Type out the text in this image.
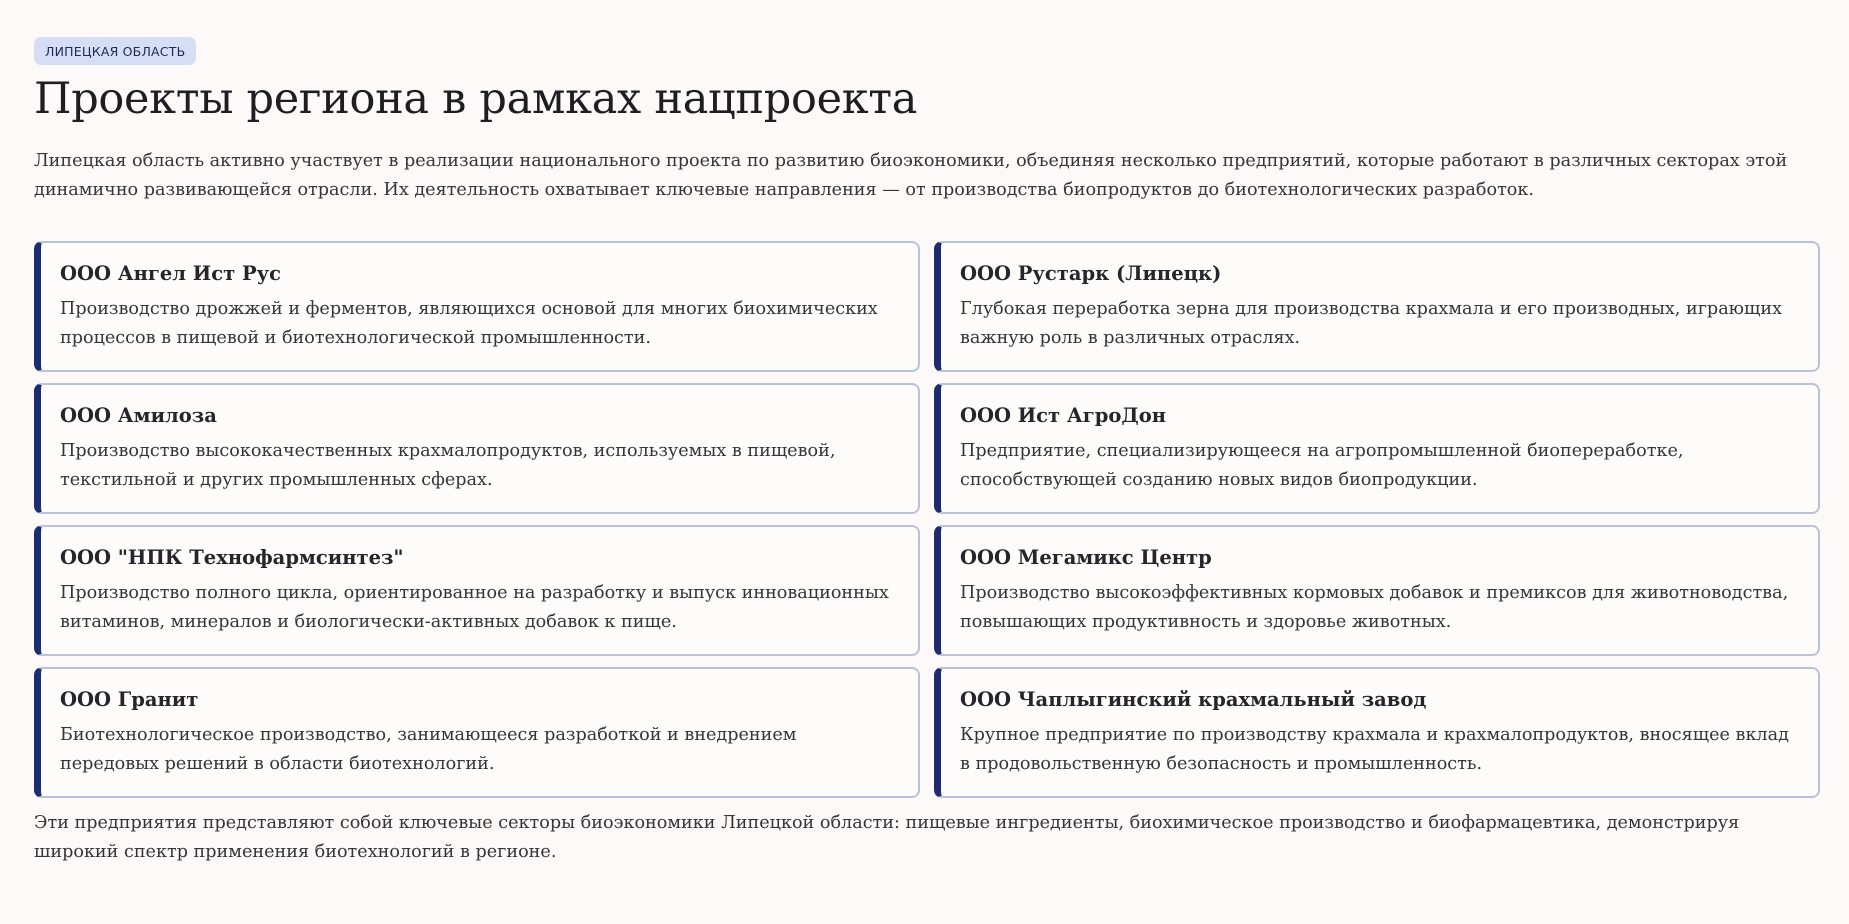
ЛИПЕЦКАЯ ОБЛАСТЬ
Проекты региона в рамках нацпроекта

Липецкая область активно участвует в реализации национального проекта по развитию биоэкономики, объединяя несколько предприятий, которые работают в различных секторах этой динамично развивающейся отрасли. Их деятельность охватывает ключевые направления — от производства биопродуктов до биотехнологических разработок.

ООО Ангел Ист Рус

Производство дрожжей и ферментов, являющихся основой для многих биохимических процессов в пищевой и биотехнологической промышленности.

ООО Рустарк (Липецк)

Глубокая переработка зерна для производства крахмала и его производных, играющих важную роль в различных отраслях.

ООО Амилоза

Производство высококачественных крахмалопродуктов, используемых в пищевой, текстильной и других промышленных сферах.

ООО Ист АгроДон

Предприятие, специализирующееся на агропромышленной биопереработке, способствующей созданию новых видов биопродукции.

ООО "НПК Технофармсинтез"

Производство полного цикла, ориентированное на разработку и выпуск инновационных витаминов, минералов и биологически-активных добавок к пище.

ООО Мегамикс Центр

Производство высокоэффективных кормовых добавок и премиксов для животноводства, повышающих продуктивность и здоровье животных.

ООО Гранит

Биотехнологическое производство, занимающееся разработкой и внедрением передовых решений в области биотехнологий.

ООО Чаплыгинский крахмальный завод

Крупное предприятие по производству крахмала и крахмалопродуктов, вносящее вклад в продовольственную безопасность и промышленность.

Эти предприятия представляют собой ключевые секторы биоэкономики Липецкой области: пищевые ингредиенты, биохимическое производство и биофармацевтика, демонстрируя широкий спектр применения биотехнологий в регионе.
